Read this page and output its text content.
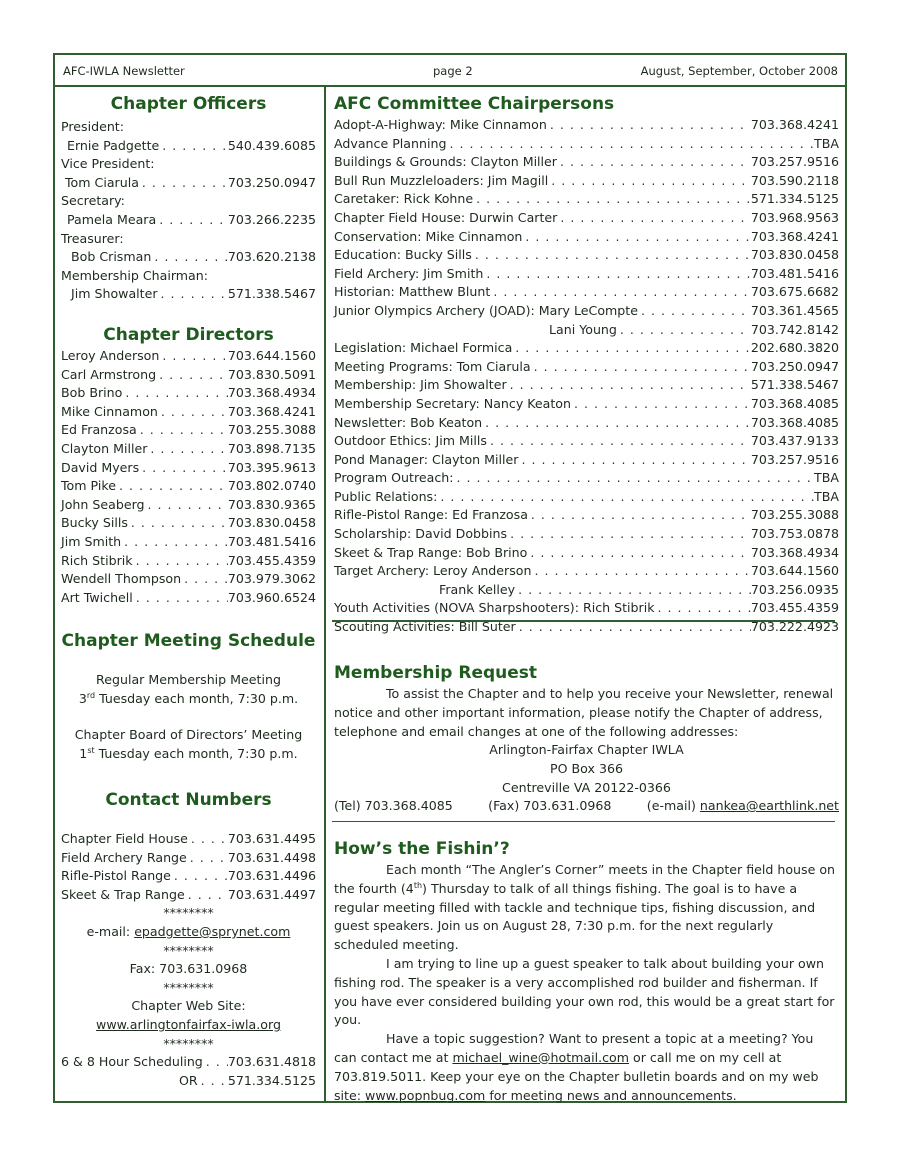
AFC-IWLA Newsletter	page 2	August, September, October 2008
Chapter Officers
President:
Ernie Padgette . . .	540.439.6085
Vice President:
Tom Ciarula . . .	703.250.0947
Secretary:
Pamela Meara . . .	703.266.2235
Treasurer:
Bob Crisman . . .	703.620.2138
Membership Chairman:
Jim Showalter . . .	571.338.5467
Chapter Directors
Leroy Anderson . . .	703.644.1560
Carl Armstrong . . .	703.830.5091
Bob Brino . . .	703.368.4934
Mike Cinnamon . . .	703.368.4241
Ed Franzosa . . .	703.255.3088
Clayton Miller . . .	703.898.7135
David Myers . . .	703.395.9613
Tom Pike . . .	703.802.0740
John Seaberg . . .	703.830.9365
Bucky Sills . . .	703.830.0458
Jim Smith . . .	703.481.5416
Rich Stibrik . . .	703.455.4359
Wendell Thompson . . .	703.979.3062
Art Twichell . . .	703.960.6524
Chapter Meeting Schedule
Regular Membership Meeting
3rd Tuesday each month, 7:30 p.m.
Chapter Board of Directors’ Meeting
1st Tuesday each month, 7:30 p.m.
Contact Numbers
Chapter Field House . . .	703.631.4495
Field Archery Range . . .	703.631.4498
Rifle-Pistol Range . . .	703.631.4496
Skeet & Trap Range . . .	703.631.4497
********
e-mail: epadgette@sprynet.com
********
Fax: 703.631.0968
********
Chapter Web Site:
www.arlingtonfairfax-iwla.org
********
6 & 8 Hour Scheduling . . . 703.631.4818
OR . . . 571.334.5125
AFC Committee Chairpersons
Adopt-A-Highway: Mike Cinnamon . . .	703.368.4241
Advance Planning . . .	TBA
Buildings & Grounds: Clayton Miller . . .	703.257.9516
Bull Run Muzzleloaders: Jim Magill . . .	703.590.2118
Caretaker: Rick Kohne . . .	571.334.5125
Chapter Field House: Durwin Carter . . .	703.968.9563
Conservation: Mike Cinnamon . . .	703.368.4241
Education: Bucky Sills . . .	703.830.0458
Field Archery: Jim Smith . . .	703.481.5416
Historian: Matthew Blunt . . .	703.675.6682
Junior Olympics Archery (JOAD): Mary LeCompte . . .	703.361.4565
Lani Young . . .	703.742.8142
Legislation: Michael Formica . . .	202.680.3820
Meeting Programs: Tom Ciarula . . .	703.250.0947
Membership: Jim Showalter . . .	571.338.5467
Membership Secretary: Nancy Keaton . . .	703.368.4085
Newsletter: Bob Keaton . . .	703.368.4085
Outdoor Ethics: Jim Mills . . .	703.437.9133
Pond Manager: Clayton Miller . . .	703.257.9516
Program Outreach: . . .	TBA
Public Relations: . . .	TBA
Rifle-Pistol Range: Ed Franzosa . . .	703.255.3088
Scholarship: David Dobbins . . .	703.753.0878
Skeet & Trap Range: Bob Brino . . .	703.368.4934
Target Archery: Leroy Anderson . . .	703.644.1560
Frank Kelley . . .	703.256.0935
Youth Activities (NOVA Sharpshooters): Rich Stibrik . . .	703.455.4359
Scouting Activities: Bill Suter . . .	703.222.4923
Membership Request

To assist the Chapter and to help you receive your Newsletter, renewal notice and other important information, please notify the Chapter of address, telephone and email changes at one of the following addresses:

Arlington-Fairfax Chapter IWLA
PO Box 366
Centreville VA 20122-0366
(Tel) 703.368.4085	(Fax) 703.631.0968	(e-mail) nankea@earthlink.net
How’s the Fishin’?

Each month “The Angler’s Corner” meets in the Chapter field house on the fourth (4th) Thursday to talk of all things fishing. The goal is to have a regular meeting filled with tackle and technique tips, fishing discussion, and guest speakers. Join us on August 28, 7:30 p.m. for the next regularly scheduled meeting.

I am trying to line up a guest speaker to talk about building your own fishing rod. The speaker is a very accomplished rod builder and fisherman. If you have ever considered building your own rod, this would be a great start for you.

Have a topic suggestion? Want to present a topic at a meeting? You can contact me at michael_wine@hotmail.com or call me on my cell at 703.819.5011. Keep your eye on the Chapter bulletin boards and on my web site: www.popnbug.com for meeting news and announcements.
